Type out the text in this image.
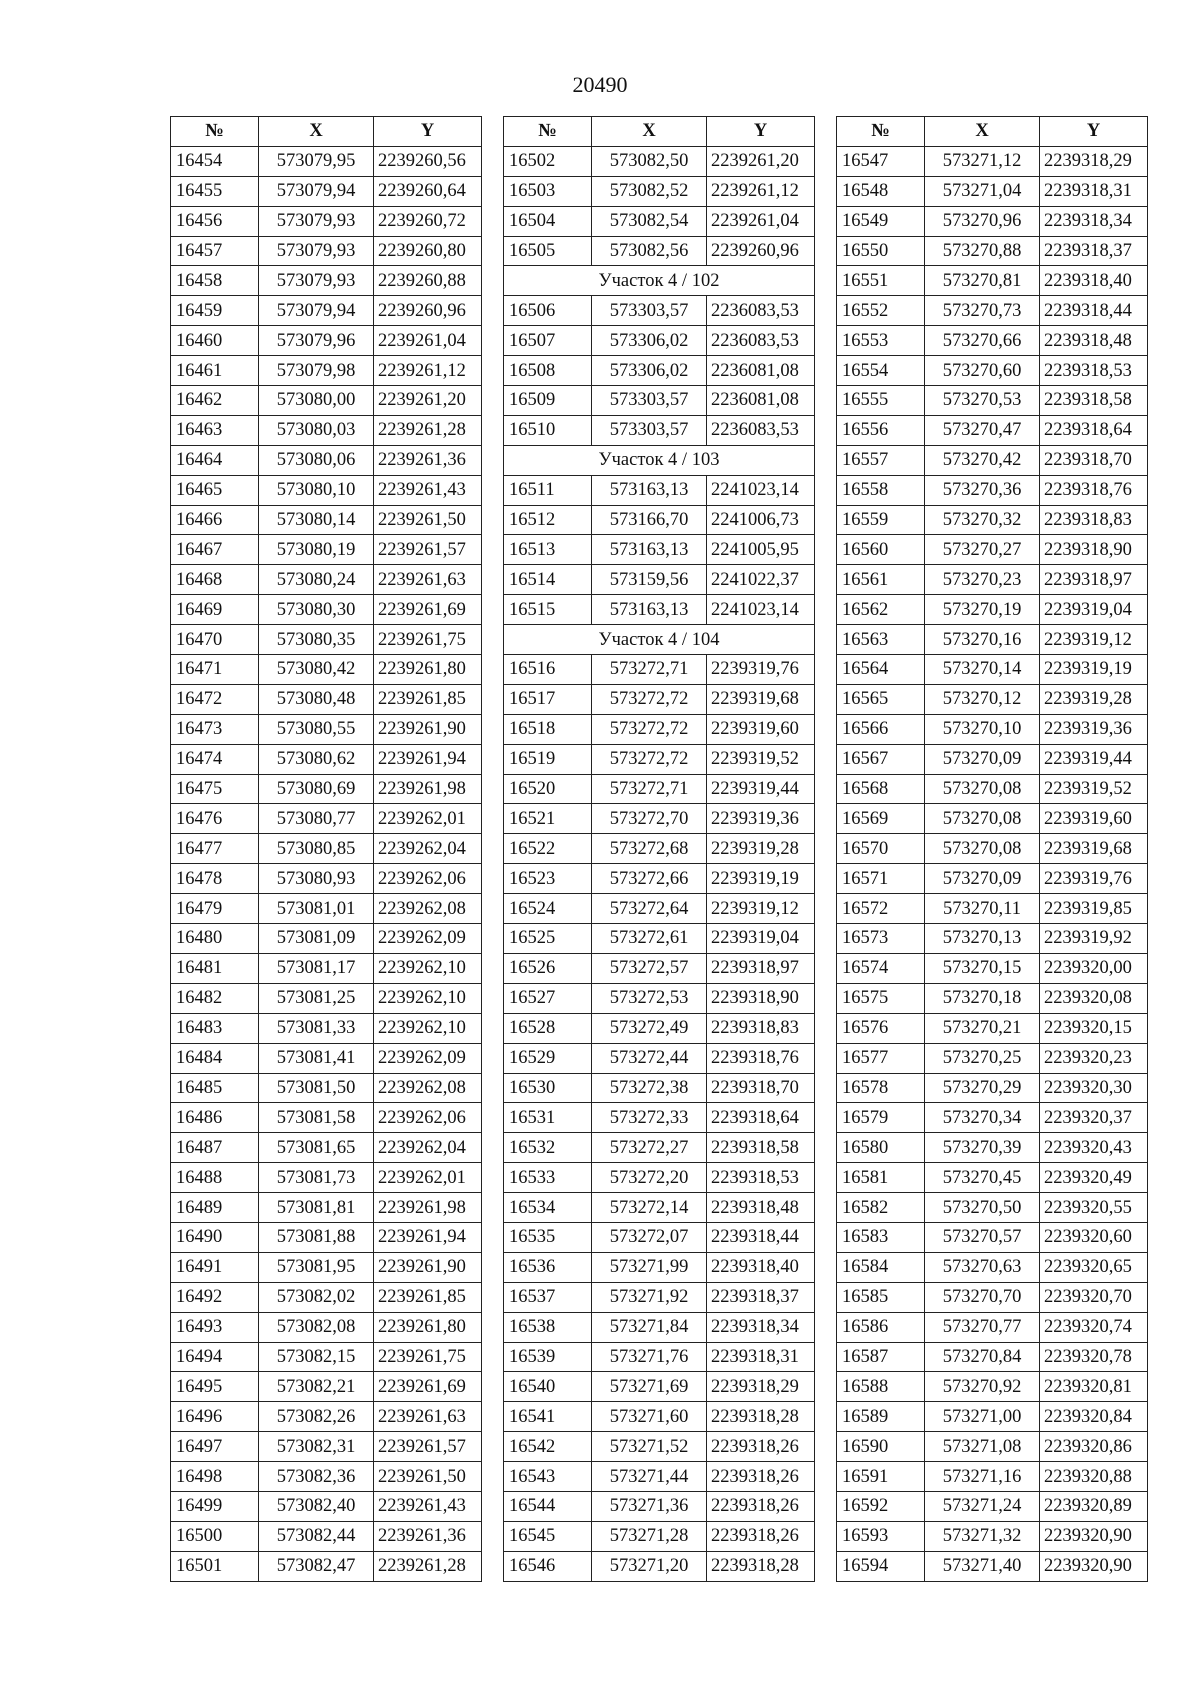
20490
№	X	Y
16454	573079,95	2239260,56
16455	573079,94	2239260,64
16456	573079,93	2239260,72
16457	573079,93	2239260,80
16458	573079,93	2239260,88
16459	573079,94	2239260,96
16460	573079,96	2239261,04
16461	573079,98	2239261,12
16462	573080,00	2239261,20
16463	573080,03	2239261,28
16464	573080,06	2239261,36
16465	573080,10	2239261,43
16466	573080,14	2239261,50
16467	573080,19	2239261,57
16468	573080,24	2239261,63
16469	573080,30	2239261,69
16470	573080,35	2239261,75
16471	573080,42	2239261,80
16472	573080,48	2239261,85
16473	573080,55	2239261,90
16474	573080,62	2239261,94
16475	573080,69	2239261,98
16476	573080,77	2239262,01
16477	573080,85	2239262,04
16478	573080,93	2239262,06
16479	573081,01	2239262,08
16480	573081,09	2239262,09
16481	573081,17	2239262,10
16482	573081,25	2239262,10
16483	573081,33	2239262,10
16484	573081,41	2239262,09
16485	573081,50	2239262,08
16486	573081,58	2239262,06
16487	573081,65	2239262,04
16488	573081,73	2239262,01
16489	573081,81	2239261,98
16490	573081,88	2239261,94
16491	573081,95	2239261,90
16492	573082,02	2239261,85
16493	573082,08	2239261,80
16494	573082,15	2239261,75
16495	573082,21	2239261,69
16496	573082,26	2239261,63
16497	573082,31	2239261,57
16498	573082,36	2239261,50
16499	573082,40	2239261,43
16500	573082,44	2239261,36
16501	573082,47	2239261,28
№	X	Y
16502	573082,50	2239261,20
16503	573082,52	2239261,12
16504	573082,54	2239261,04
16505	573082,56	2239260,96
Участок 4 / 102		
16506	573303,57	2236083,53
16507	573306,02	2236083,53
16508	573306,02	2236081,08
16509	573303,57	2236081,08
16510	573303,57	2236083,53
Участок 4 / 103		
16511	573163,13	2241023,14
16512	573166,70	2241006,73
16513	573163,13	2241005,95
16514	573159,56	2241022,37
16515	573163,13	2241023,14
Участок 4 / 104		
16516	573272,71	2239319,76
16517	573272,72	2239319,68
16518	573272,72	2239319,60
16519	573272,72	2239319,52
16520	573272,71	2239319,44
16521	573272,70	2239319,36
16522	573272,68	2239319,28
16523	573272,66	2239319,19
16524	573272,64	2239319,12
16525	573272,61	2239319,04
16526	573272,57	2239318,97
16527	573272,53	2239318,90
16528	573272,49	2239318,83
16529	573272,44	2239318,76
16530	573272,38	2239318,70
16531	573272,33	2239318,64
16532	573272,27	2239318,58
16533	573272,20	2239318,53
16534	573272,14	2239318,48
16535	573272,07	2239318,44
16536	573271,99	2239318,40
16537	573271,92	2239318,37
16538	573271,84	2239318,34
16539	573271,76	2239318,31
16540	573271,69	2239318,29
16541	573271,60	2239318,28
16542	573271,52	2239318,26
16543	573271,44	2239318,26
16544	573271,36	2239318,26
16545	573271,28	2239318,26
16546	573271,20	2239318,28
№	X	Y
16547	573271,12	2239318,29
16548	573271,04	2239318,31
16549	573270,96	2239318,34
16550	573270,88	2239318,37
16551	573270,81	2239318,40
16552	573270,73	2239318,44
16553	573270,66	2239318,48
16554	573270,60	2239318,53
16555	573270,53	2239318,58
16556	573270,47	2239318,64
16557	573270,42	2239318,70
16558	573270,36	2239318,76
16559	573270,32	2239318,83
16560	573270,27	2239318,90
16561	573270,23	2239318,97
16562	573270,19	2239319,04
16563	573270,16	2239319,12
16564	573270,14	2239319,19
16565	573270,12	2239319,28
16566	573270,10	2239319,36
16567	573270,09	2239319,44
16568	573270,08	2239319,52
16569	573270,08	2239319,60
16570	573270,08	2239319,68
16571	573270,09	2239319,76
16572	573270,11	2239319,85
16573	573270,13	2239319,92
16574	573270,15	2239320,00
16575	573270,18	2239320,08
16576	573270,21	2239320,15
16577	573270,25	2239320,23
16578	573270,29	2239320,30
16579	573270,34	2239320,37
16580	573270,39	2239320,43
16581	573270,45	2239320,49
16582	573270,50	2239320,55
16583	573270,57	2239320,60
16584	573270,63	2239320,65
16585	573270,70	2239320,70
16586	573270,77	2239320,74
16587	573270,84	2239320,78
16588	573270,92	2239320,81
16589	573271,00	2239320,84
16590	573271,08	2239320,86
16591	573271,16	2239320,88
16592	573271,24	2239320,89
16593	573271,32	2239320,90
16594	573271,40	2239320,90
